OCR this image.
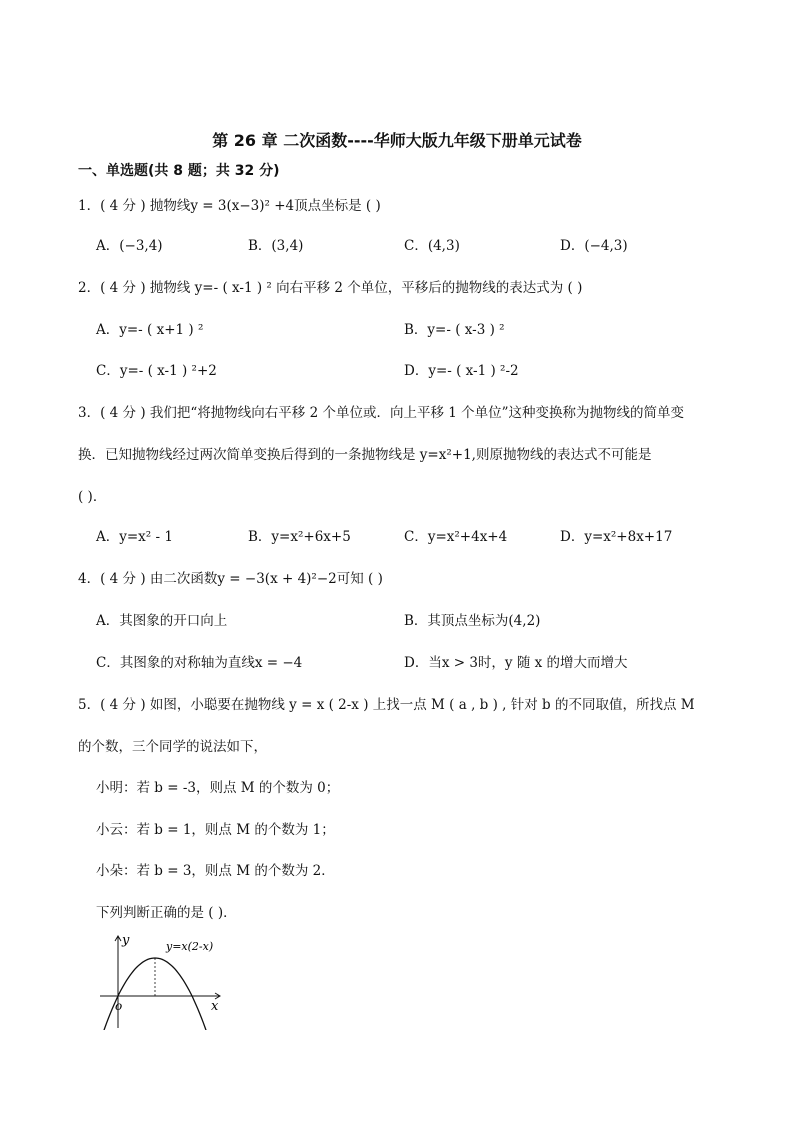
第 26 章 二次函数----华师大版九年级下册单元试卷
一、单选题(共 8 题；共 32 分)
1．( 4 分 ) 抛物线y = 3(x−3)² +4顶点坐标是 ( )
A．(−3,4)	B．(3,4)	C．(4,3)	D．(−4,3)
2．( 4 分 ) 抛物线 y=- ( x-1 ) ² 向右平移 2 个单位，平移后的抛物线的表达式为 ( )
A．y=- ( x+1 ) ²	B．y=- ( x-3 ) ²
C．y=- ( x-1 ) ²+2	D．y=- ( x-1 ) ²-2
3．( 4 分 ) 我们把“将抛物线向右平移 2 个单位或．向上平移 1 个单位”这种变换称为抛物线的简单变
换．已知抛物线经过两次简单变换后得到的一条抛物线是 y=x²+1,则原抛物线的表达式不可能是
( )．
A．y=x² - 1	B．y=x²+6x+5	C．y=x²+4x+4	D．y=x²+8x+17
4．( 4 分 ) 由二次函数y = −3(x + 4)²−2可知 ( )
A．其图象的开口向上	B．其顶点坐标为(4,2)
C．其图象的对称轴为直线x = −4	D．当x > 3时，y 随 x 的增大而增大
5．( 4 分 ) 如图，小聪要在抛物线 y = x ( 2-x ) 上找一点 M ( a , b ) , 针对 b 的不同取值，所找点 M
的个数，三个同学的说法如下，
小明：若 b = -3，则点 M 的个数为 0；
小云：若 b = 1，则点 M 的个数为 1；
小朵：若 b = 3，则点 M 的个数为 2．
下列判断正确的是 ( )．
y
x
o
y=x(2-x)
